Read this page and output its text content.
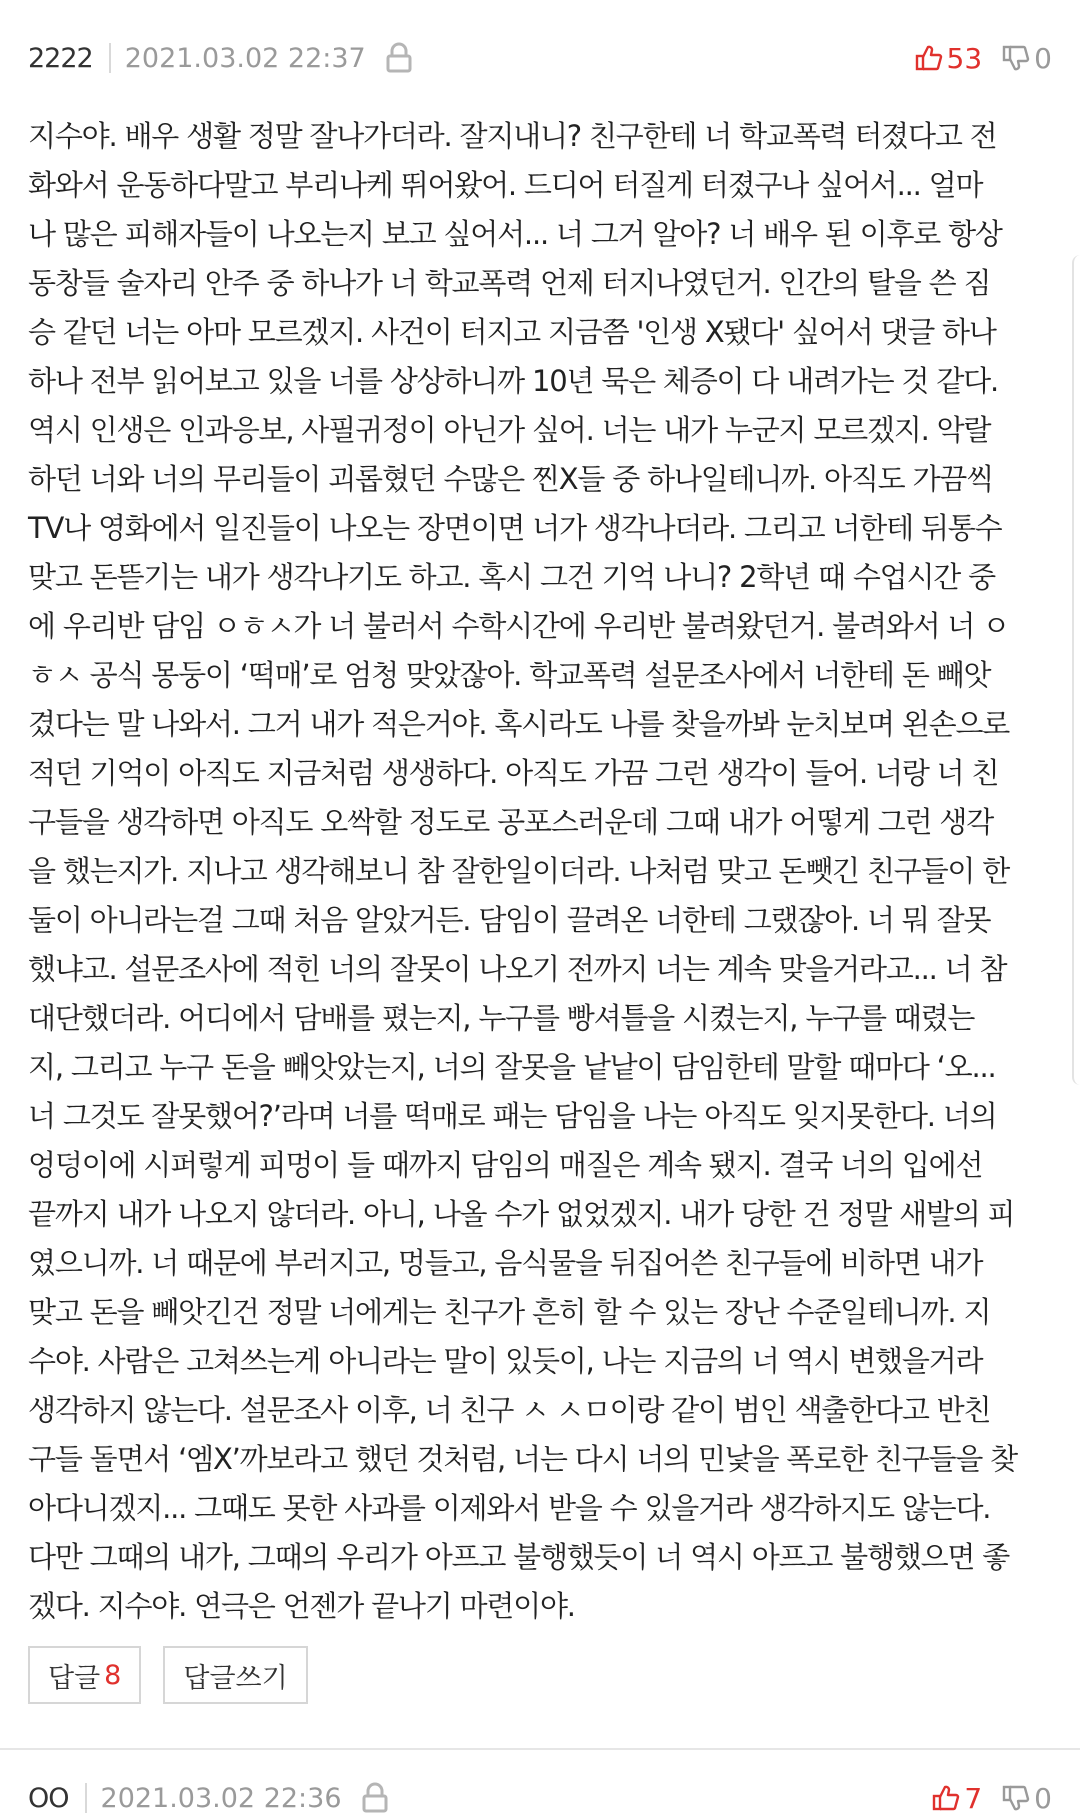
2222 2021.03.02 22:37	53 0
지수야. 배우 생활 정말 잘나가더라. 잘지내니? 친구한테 너 학교폭력 터졌다고 전
화와서 운동하다말고 부리나케 뛰어왔어. 드디어 터질게 터졌구나 싶어서... 얼마
나 많은 피해자들이 나오는지 보고 싶어서... 너 그거 알아? 너 배우 된 이후로 항상
동창들 술자리 안주 중 하나가 너 학교폭력 언제 터지나였던거. 인간의 탈을 쓴 짐
승 같던 너는 아마 모르겠지. 사건이 터지고 지금쯤 '인생 X됐다' 싶어서 댓글 하나
하나 전부 읽어보고 있을 너를 상상하니까 10년 묵은 체증이 다 내려가는 것 같다.
역시 인생은 인과응보, 사필귀정이 아닌가 싶어. 너는 내가 누군지 모르겠지. 악랄
하던 너와 너의 무리들이 괴롭혔던 수많은 찐X들 중 하나일테니까. 아직도 가끔씩
TV나 영화에서 일진들이 나오는 장면이면 너가 생각나더라. 그리고 너한테 뒤통수
맞고 돈뜯기는 내가 생각나기도 하고. 혹시 그건 기억 나니? 2학년 때 수업시간 중
에 우리반 담임 ㅇㅎㅅ가 너 불러서 수학시간에 우리반 불려왔던거. 불려와서 너 ㅇ
ㅎㅅ 공식 몽둥이 ‘떡매’로 엄청 맞았잖아. 학교폭력 설문조사에서 너한테 돈 빼앗
겼다는 말 나와서. 그거 내가 적은거야. 혹시라도 나를 찾을까봐 눈치보며 왼손으로
적던 기억이 아직도 지금처럼 생생하다. 아직도 가끔 그런 생각이 들어. 너랑 너 친
구들을 생각하면 아직도 오싹할 정도로 공포스러운데 그때 내가 어떻게 그런 생각
을 했는지가. 지나고 생각해보니 참 잘한일이더라. 나처럼 맞고 돈뺏긴 친구들이 한
둘이 아니라는걸 그때 처음 알았거든. 담임이 끌려온 너한테 그랬잖아. 너 뭐 잘못
했냐고. 설문조사에 적힌 너의 잘못이 나오기 전까지 너는 계속 맞을거라고... 너 참
대단했더라. 어디에서 담배를 폈는지, 누구를 빵셔틀을 시켰는지, 누구를 때렸는
지, 그리고 누구 돈을 빼앗았는지, 너의 잘못을 낱낱이 담임한테 말할 때마다 ‘오...
너 그것도 잘못했어?’라며 너를 떡매로 패는 담임을 나는 아직도 잊지못한다. 너의
엉덩이에 시퍼렇게 피멍이 들 때까지 담임의 매질은 계속 됐지. 결국 너의 입에선
끝까지 내가 나오지 않더라. 아니, 나올 수가 없었겠지. 내가 당한 건 정말 새발의 피
였으니까. 너 때문에 부러지고, 멍들고, 음식물을 뒤집어쓴 친구들에 비하면 내가
맞고 돈을 빼앗긴건 정말 너에게는 친구가 흔히 할 수 있는 장난 수준일테니까. 지
수야. 사람은 고쳐쓰는게 아니라는 말이 있듯이, 나는 지금의 너 역시 변했을거라
생각하지 않는다. 설문조사 이후, 너 친구 ㅅ ㅅㅁ이랑 같이 범인 색출한다고 반친
구들 돌면서 ‘엠X’까보라고 했던 것처럼, 너는 다시 너의 민낯을 폭로한 친구들을 찾
아다니겠지... 그때도 못한 사과를 이제와서 받을 수 있을거라 생각하지도 않는다.
다만 그때의 내가, 그때의 우리가 아프고 불행했듯이 너 역시 아프고 불행했으면 좋
겠다. 지수야. 연극은 언젠가 끝나기 마련이야.
답글 8 답글쓰기
OO 2021.03.02 22:36	7 0
